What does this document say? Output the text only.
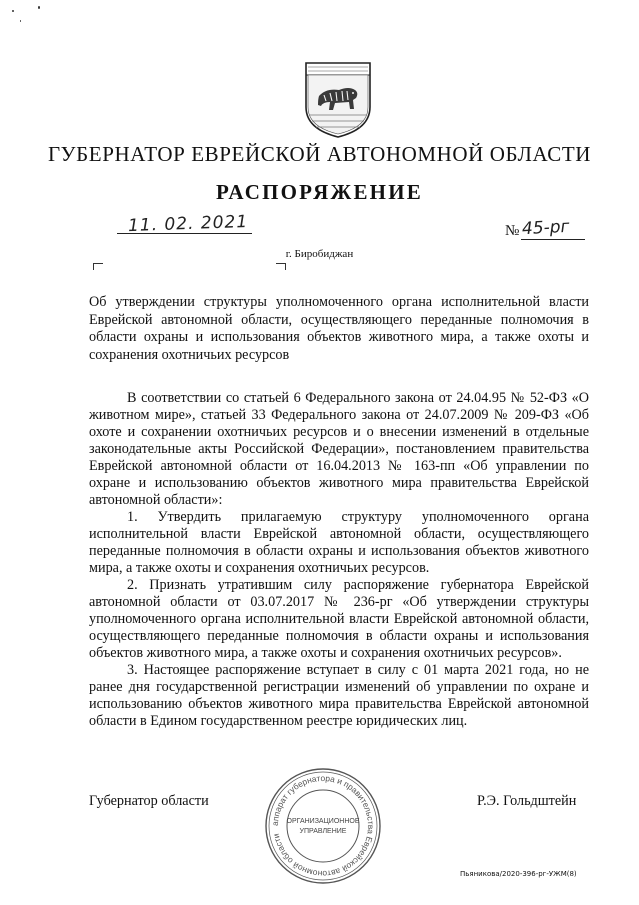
ГУБЕРНАТОР ЕВРЕЙСКОЙ АВТОНОМНОЙ ОБЛАСТИ
РАСПОРЯЖЕНИЕ
11. 02. 2021	№ 45-рг
г. Биробиджан
Об утверждении структуры уполномоченного органа исполнительной власти Еврейской автономной области, осуществляющего переданные полномочия в области охраны и использования объектов животного мира, а также охоты и сохранения охотничьих ресурсов

В соответствии со статьей 6 Федерального закона от 24.04.95 № 52-ФЗ «О животном мире», статьей 33 Федерального закона от 24.07.2009 № 209-ФЗ «Об охоте и сохранении охотничьих ресурсов и о внесении изменений в отдельные законодательные акты Российской Федерации», постановлением правительства Еврейской автономной области от 16.04.2013 № 163-пп «Об управлении по охране и использованию объектов животного мира правительства Еврейской автономной области»:

1. Утвердить прилагаемую структуру уполномоченного органа исполнительной власти Еврейской автономной области, осуществляющего переданные полномочия в области охраны и использования объектов животного мира, а также охоты и сохранения охотничьих ресурсов.

2. Признать утратившим силу распоряжение губернатора Еврейской автономной области от 03.07.2017 № 236-рг «Об утверждении структуры уполномоченного органа исполнительной власти Еврейской автономной области, осуществляющего переданные полномочия в области охраны и использования объектов животного мира, а также охоты и сохранения охотничьих ресурсов».

3. Настоящее распоряжение вступает в силу с 01 марта 2021 года, но не ранее дня государственной регистрации изменений об управлении по охране и использованию объектов животного мира правительства Еврейской автономной области в Едином государственном реестре юридических лиц.

Губернатор области	Р.Э. Гольдштейн
аппарат губернатора и правительства Еврейской автономной области
ОРГАНИЗАЦИОННОЕ
УПРАВЛЕНИЕ
Пьяникова/2020-396-рг-УЖМ(8)
